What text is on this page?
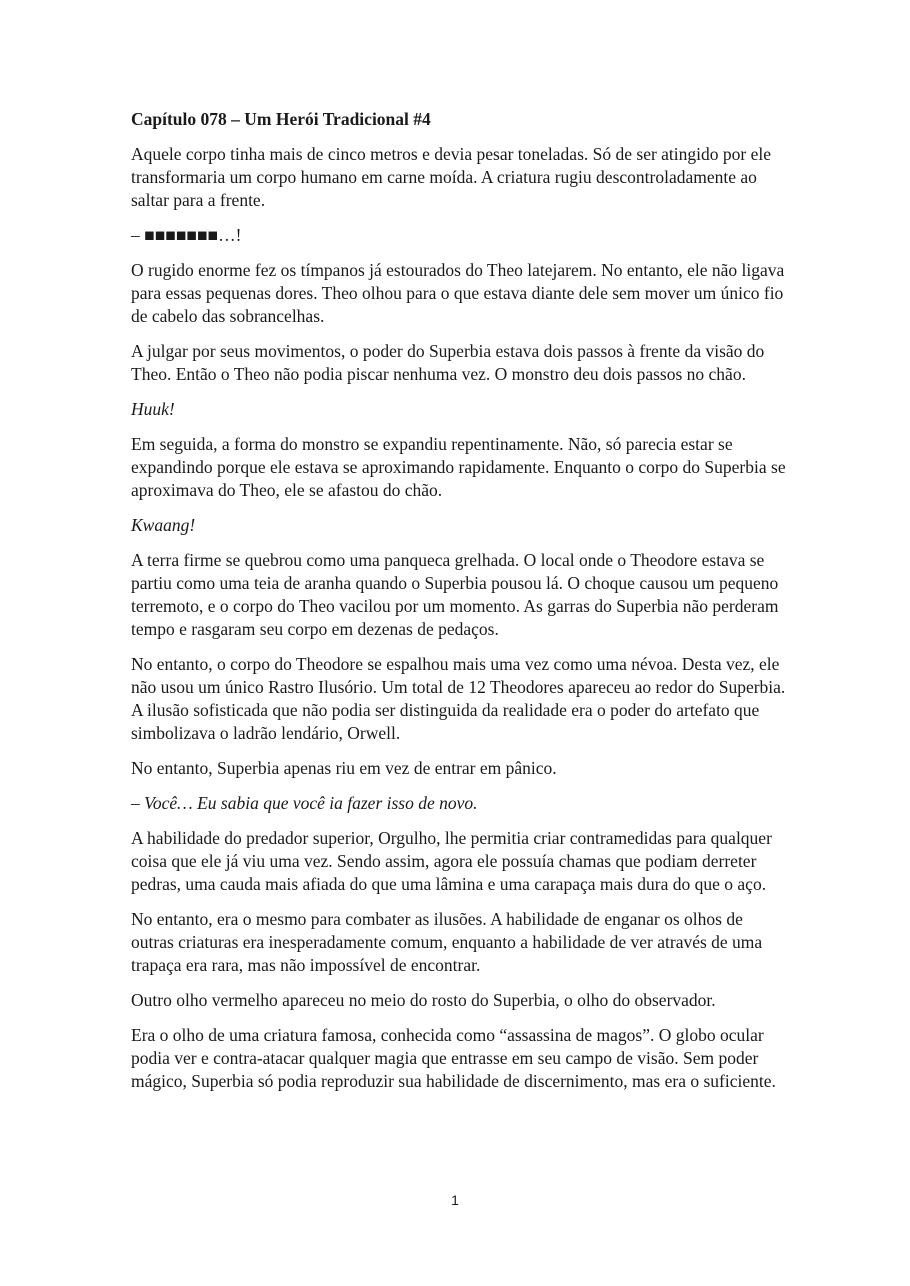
Capítulo 078 – Um Herói Tradicional #4

Aquele corpo tinha mais de cinco metros e devia pesar toneladas. Só de ser atingido por ele transformaria um corpo humano em carne moída. A criatura rugiu descontroladamente ao saltar para a frente.

– ■■■■■■■…!

O rugido enorme fez os tímpanos já estourados do Theo latejarem. No entanto, ele não ligava para essas pequenas dores. Theo olhou para o que estava diante dele sem mover um único fio de cabelo das sobrancelhas.

A julgar por seus movimentos, o poder do Superbia estava dois passos à frente da visão do Theo. Então o Theo não podia piscar nenhuma vez. O monstro deu dois passos no chão.

Huuk!

Em seguida, a forma do monstro se expandiu repentinamente. Não, só parecia estar se expandindo porque ele estava se aproximando rapidamente. Enquanto o corpo do Superbia se aproximava do Theo, ele se afastou do chão.

Kwaang!

A terra firme se quebrou como uma panqueca grelhada. O local onde o Theodore estava se partiu como uma teia de aranha quando o Superbia pousou lá. O choque causou um pequeno terremoto, e o corpo do Theo vacilou por um momento. As garras do Superbia não perderam tempo e rasgaram seu corpo em dezenas de pedaços.

No entanto, o corpo do Theodore se espalhou mais uma vez como uma névoa. Desta vez, ele não usou um único Rastro Ilusório. Um total de 12 Theodores apareceu ao redor do Superbia. A ilusão sofisticada que não podia ser distinguida da realidade era o poder do artefato que simbolizava o ladrão lendário, Orwell.

No entanto, Superbia apenas riu em vez de entrar em pânico.

– Você… Eu sabia que você ia fazer isso de novo.

A habilidade do predador superior, Orgulho, lhe permitia criar contramedidas para qualquer coisa que ele já viu uma vez. Sendo assim, agora ele possuía chamas que podiam derreter pedras, uma cauda mais afiada do que uma lâmina e uma carapaça mais dura do que o aço.

No entanto, era o mesmo para combater as ilusões. A habilidade de enganar os olhos de outras criaturas era inesperadamente comum, enquanto a habilidade de ver através de uma trapaça era rara, mas não impossível de encontrar.

Outro olho vermelho apareceu no meio do rosto do Superbia, o olho do observador.

Era o olho de uma criatura famosa, conhecida como “assassina de magos”. O globo ocular podia ver e contra-atacar qualquer magia que entrasse em seu campo de visão. Sem poder mágico, Superbia só podia reproduzir sua habilidade de discernimento, mas era o suficiente.

1
